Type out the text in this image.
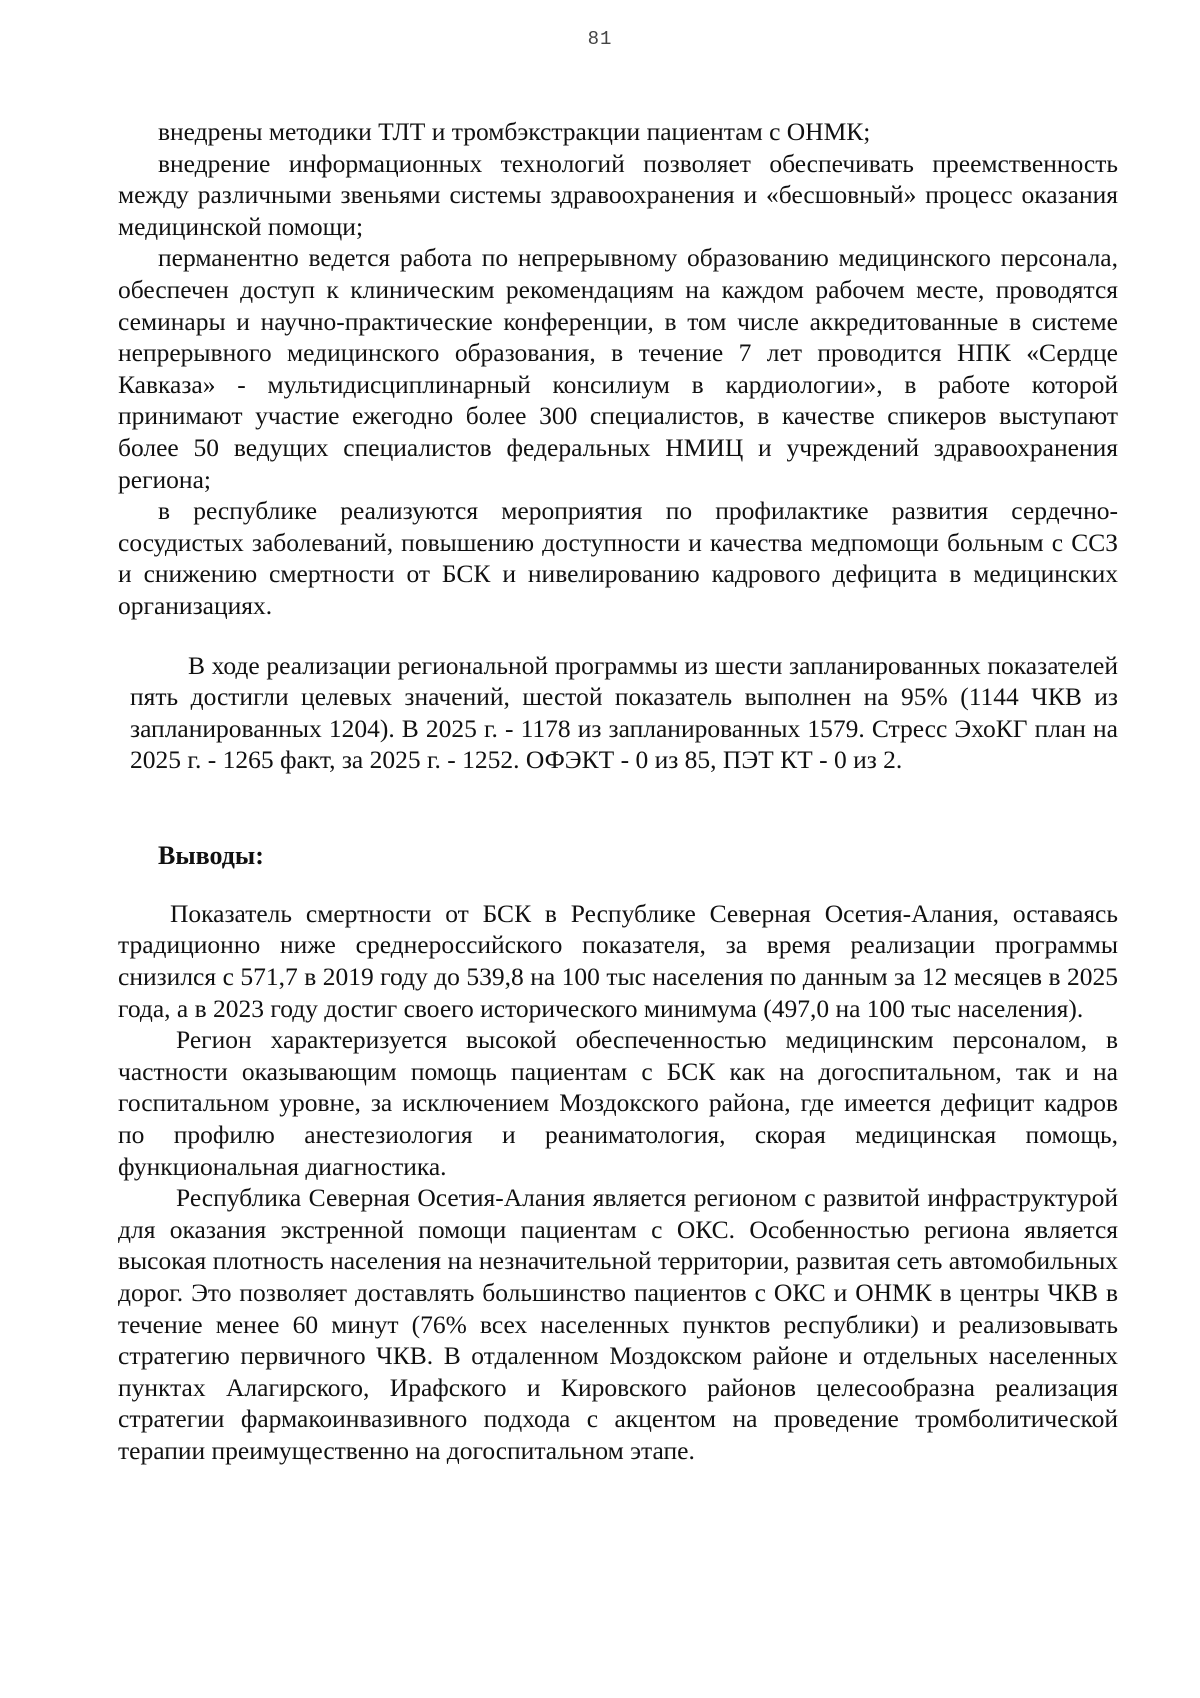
81

внедрены методики ТЛТ и тромбэкстракции пациентам с ОНМК;

внедрение информационных технологий позволяет обеспечивать преемственность между различными звеньями системы здравоохранения и «бесшовный» процесс оказания медицинской помощи;

перманентно ведется работа по непрерывному образованию медицинского персонала, обеспечен доступ к клиническим рекомендациям на каждом рабочем месте, проводятся семинары и научно-практические конференции, в том числе аккредитованные в системе непрерывного медицинского образования, в течение 7 лет проводится НПК «Сердце Кавказа» - мультидисциплинарный консилиум в кардиологии», в работе которой принимают участие ежегодно более 300 специалистов, в качестве спикеров выступают более 50 ведущих специалистов федеральных НМИЦ и учреждений здравоохранения региона;

в республике реализуются мероприятия по профилактике развития сердечно-сосудистых заболеваний, повышению доступности и качества медпомощи больным с ССЗ и снижению смертности от БСК и нивелированию кадрового дефицита в медицинских организациях.

В ходе реализации региональной программы из шести запланированных показателей пять достигли целевых значений, шестой показатель выполнен на 95% (1144 ЧКВ из запланированных 1204). В 2025 г. - 1178 из запланированных 1579. Стресс ЭхоКГ план на 2025 г. - 1265 факт, за 2025 г. - 1252. ОФЭКТ - 0 из 85, ПЭТ КТ - 0 из 2.

Выводы:

Показатель смертности от БСК в Республике Северная Осетия-Алания, оставаясь традиционно ниже среднероссийского показателя, за время реализации программы снизился с 571,7 в 2019 году до 539,8 на 100 тыс населения по данным за 12 месяцев в 2025 года, а в 2023 году достиг своего исторического минимума (497,0 на 100 тыс населения).

Регион характеризуется высокой обеспеченностью медицинским персоналом, в частности оказывающим помощь пациентам с БСК как на догоспитальном, так и на госпитальном уровне, за исключением Моздокского района, где имеется дефицит кадров по профилю анестезиология и реаниматология, скорая медицинская помощь, функциональная диагностика.

Республика Северная Осетия-Алания является регионом с развитой инфраструктурой для оказания экстренной помощи пациентам с ОКС. Особенностью региона является высокая плотность населения на незначительной территории, развитая сеть автомобильных дорог. Это позволяет доставлять большинство пациентов с ОКС и ОНМК в центры ЧКВ в течение менее 60 минут (76% всех населенных пунктов республики) и реализовывать стратегию первичного ЧКВ. В отдаленном Моздокском районе и отдельных населенных пунктах Алагирского, Ирафского и Кировского районов целесообразна реализация стратегии фармакоинвазивного подхода с акцентом на проведение тромболитической терапии преимущественно на догоспитальном этапе.
